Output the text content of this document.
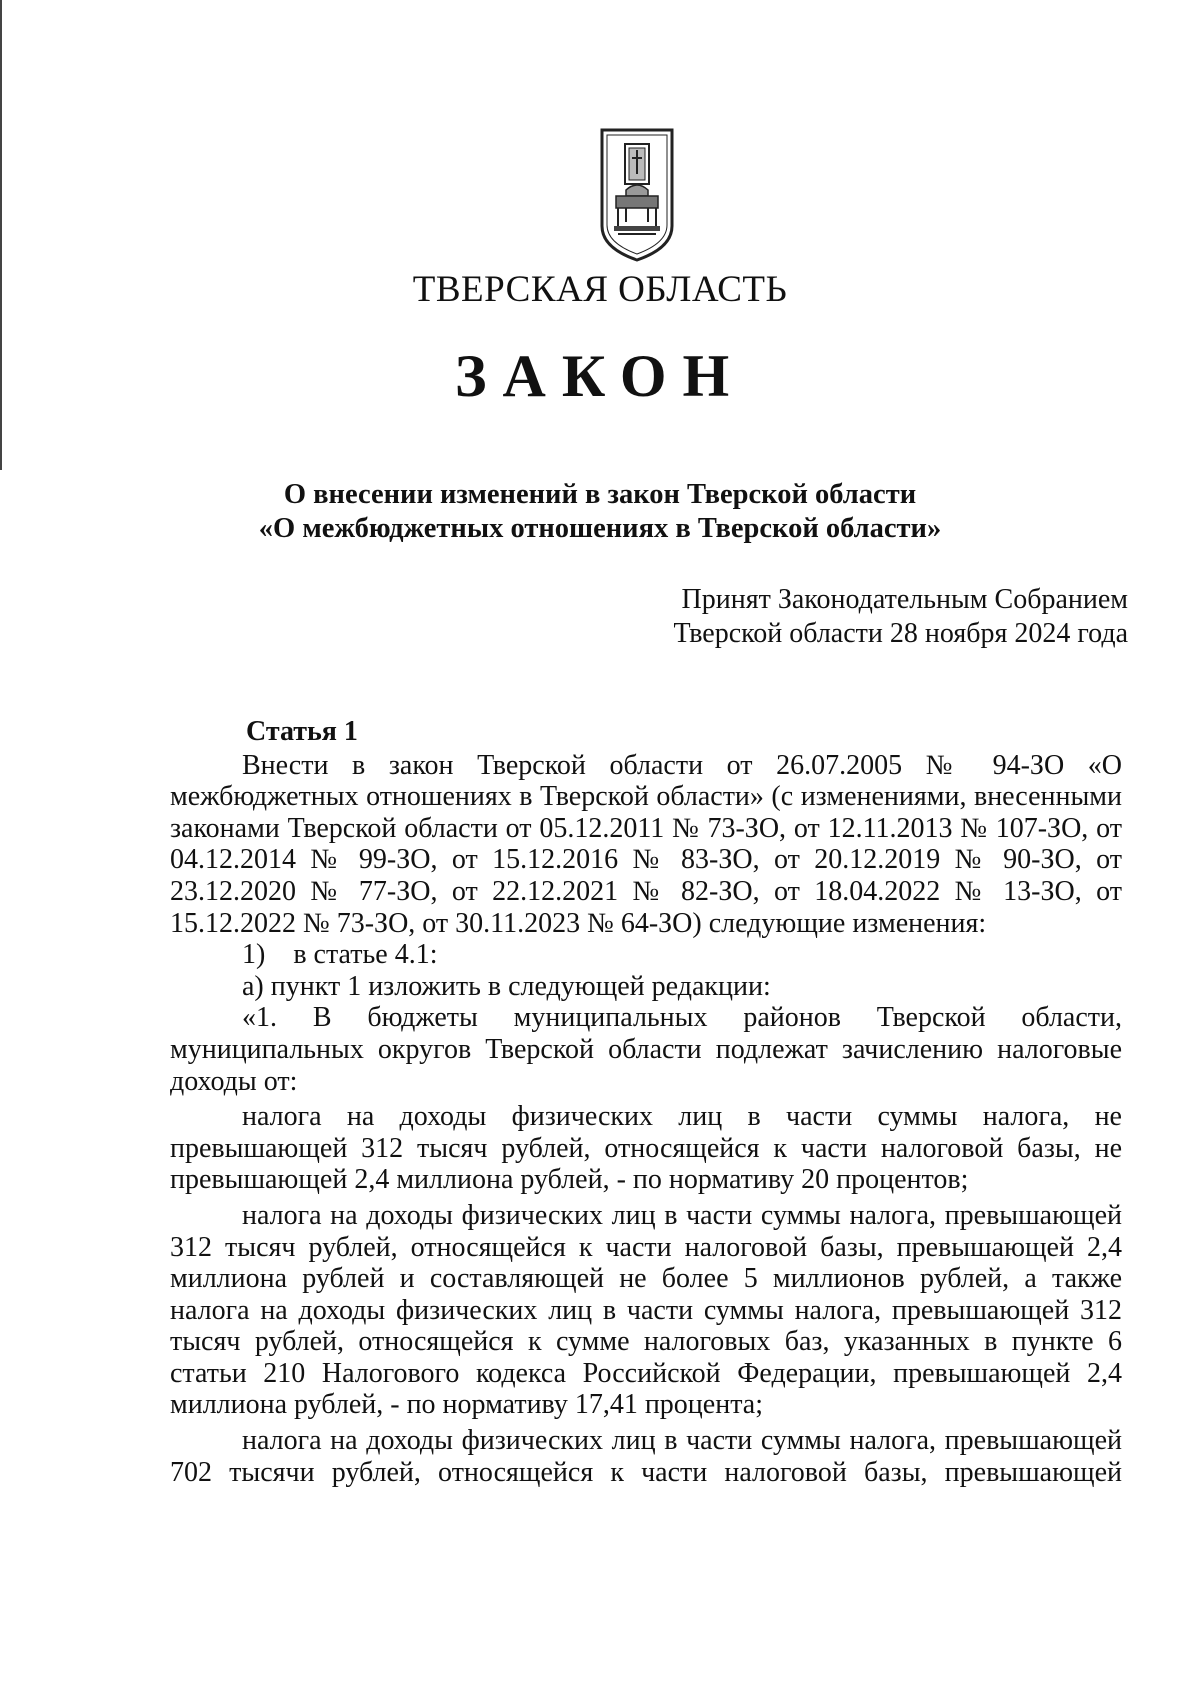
ТВЕРСКАЯ ОБЛАСТЬ
ЗАКОН
О внесении изменений в закон Тверской области
«О межбюджетных отношениях в Тверской области»
Принят Законодательным Собранием
Тверской области 28 ноября 2024 года
Статья 1

Внести в закон Тверской области от 26.07.2005 № 94-ЗО «О межбюджетных отношениях в Тверской области» (с изменениями, внесенными законами Тверской области от 05.12.2011 № 73-ЗО, от 12.11.2013 № 107-ЗО, от 04.12.2014 № 99-ЗО, от 15.12.2016 № 83-ЗО, от 20.12.2019 № 90-ЗО, от 23.12.2020 № 77-ЗО, от 22.12.2021 № 82-ЗО, от 18.04.2022 № 13-ЗО, от 15.12.2022 № 73-ЗО, от 30.11.2023 № 64-ЗО) следующие изменения:

1) в статье 4.1:

а) пункт 1 изложить в следующей редакции:

«1. В бюджеты муниципальных районов Тверской области, муниципальных округов Тверской области подлежат зачислению налоговые доходы от:

налога на доходы физических лиц в части суммы налога, не превышающей 312 тысяч рублей, относящейся к части налоговой базы, не превышающей 2,4 миллиона рублей, - по нормативу 20 процентов;

налога на доходы физических лиц в части суммы налога, превышающей 312 тысяч рублей, относящейся к части налоговой базы, превышающей 2,4 миллиона рублей и составляющей не более 5 миллионов рублей, а также налога на доходы физических лиц в части суммы налога, превышающей 312 тысяч рублей, относящейся к сумме налоговых баз, указанных в пункте 6 статьи 210 Налогового кодекса Российской Федерации, превышающей 2,4 миллиона рублей, - по нормативу 17,41 процента;

налога на доходы физических лиц в части суммы налога, превышающей 702 тысячи рублей, относящейся к части налоговой базы, превышающей
